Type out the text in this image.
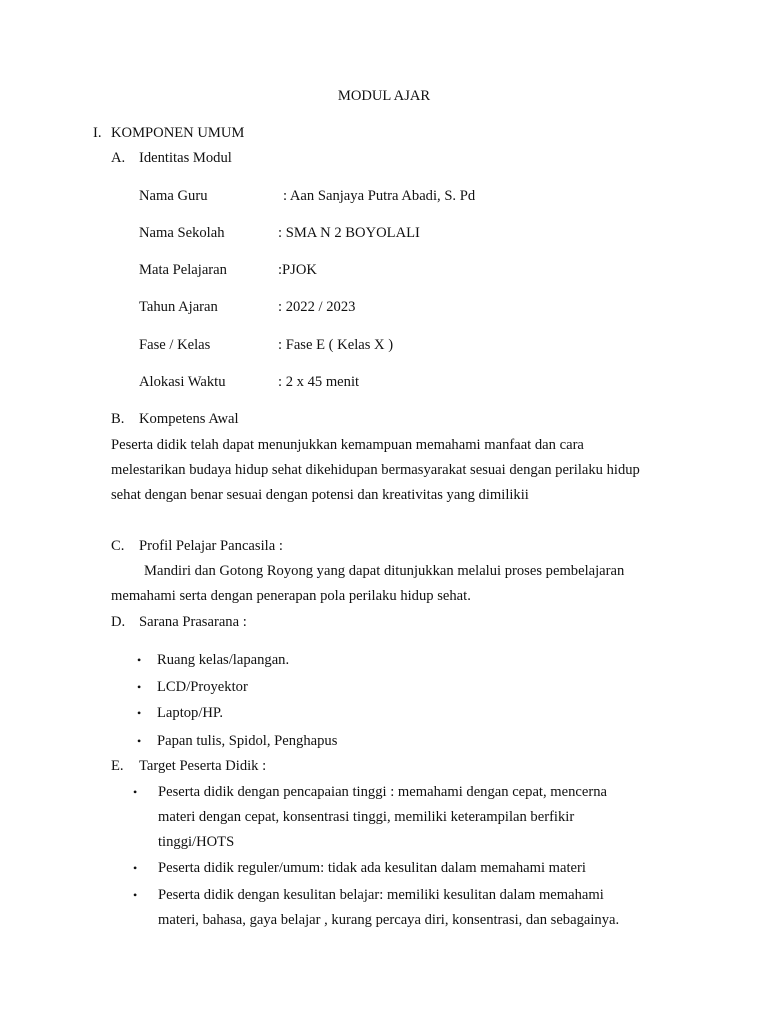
MODUL AJAR
I. KOMPONEN UMUM
A. Identitas Modul
Nama Guru	: Aan Sanjaya Putra Abadi, S. Pd
Nama Sekolah	: SMA N 2 BOYOLALI
Mata Pelajaran	:PJOK
Tahun Ajaran	: 2022 / 2023
Fase / Kelas	: Fase E ( Kelas X )
Alokasi Waktu	: 2 x 45 menit
B. Kompetens Awal
Peserta didik telah dapat menunjukkan kemampuan memahami manfaat dan cara
melestarikan budaya hidup sehat dikehidupan bermasyarakat sesuai dengan perilaku hidup
sehat dengan benar sesuai dengan potensi dan kreativitas yang dimilikii
C. Profil Pelajar Pancasila :
Mandiri dan Gotong Royong yang dapat ditunjukkan melalui proses pembelajaran
memahami serta dengan penerapan pola perilaku hidup sehat.
D. Sarana Prasarana :
• Ruang kelas/lapangan.
• LCD/Proyektor
• Laptop/HP.
• Papan tulis, Spidol, Penghapus
E. Target Peserta Didik :
• Peserta didik dengan pencapaian tinggi : memahami dengan cepat, mencerna
materi dengan cepat, konsentrasi tinggi, memiliki keterampilan berfikir
tinggi/HOTS
• Peserta didik reguler/umum: tidak ada kesulitan dalam memahami materi
• Peserta didik dengan kesulitan belajar: memiliki kesulitan dalam memahami
materi, bahasa, gaya belajar , kurang percaya diri, konsentrasi, dan sebagainya.
